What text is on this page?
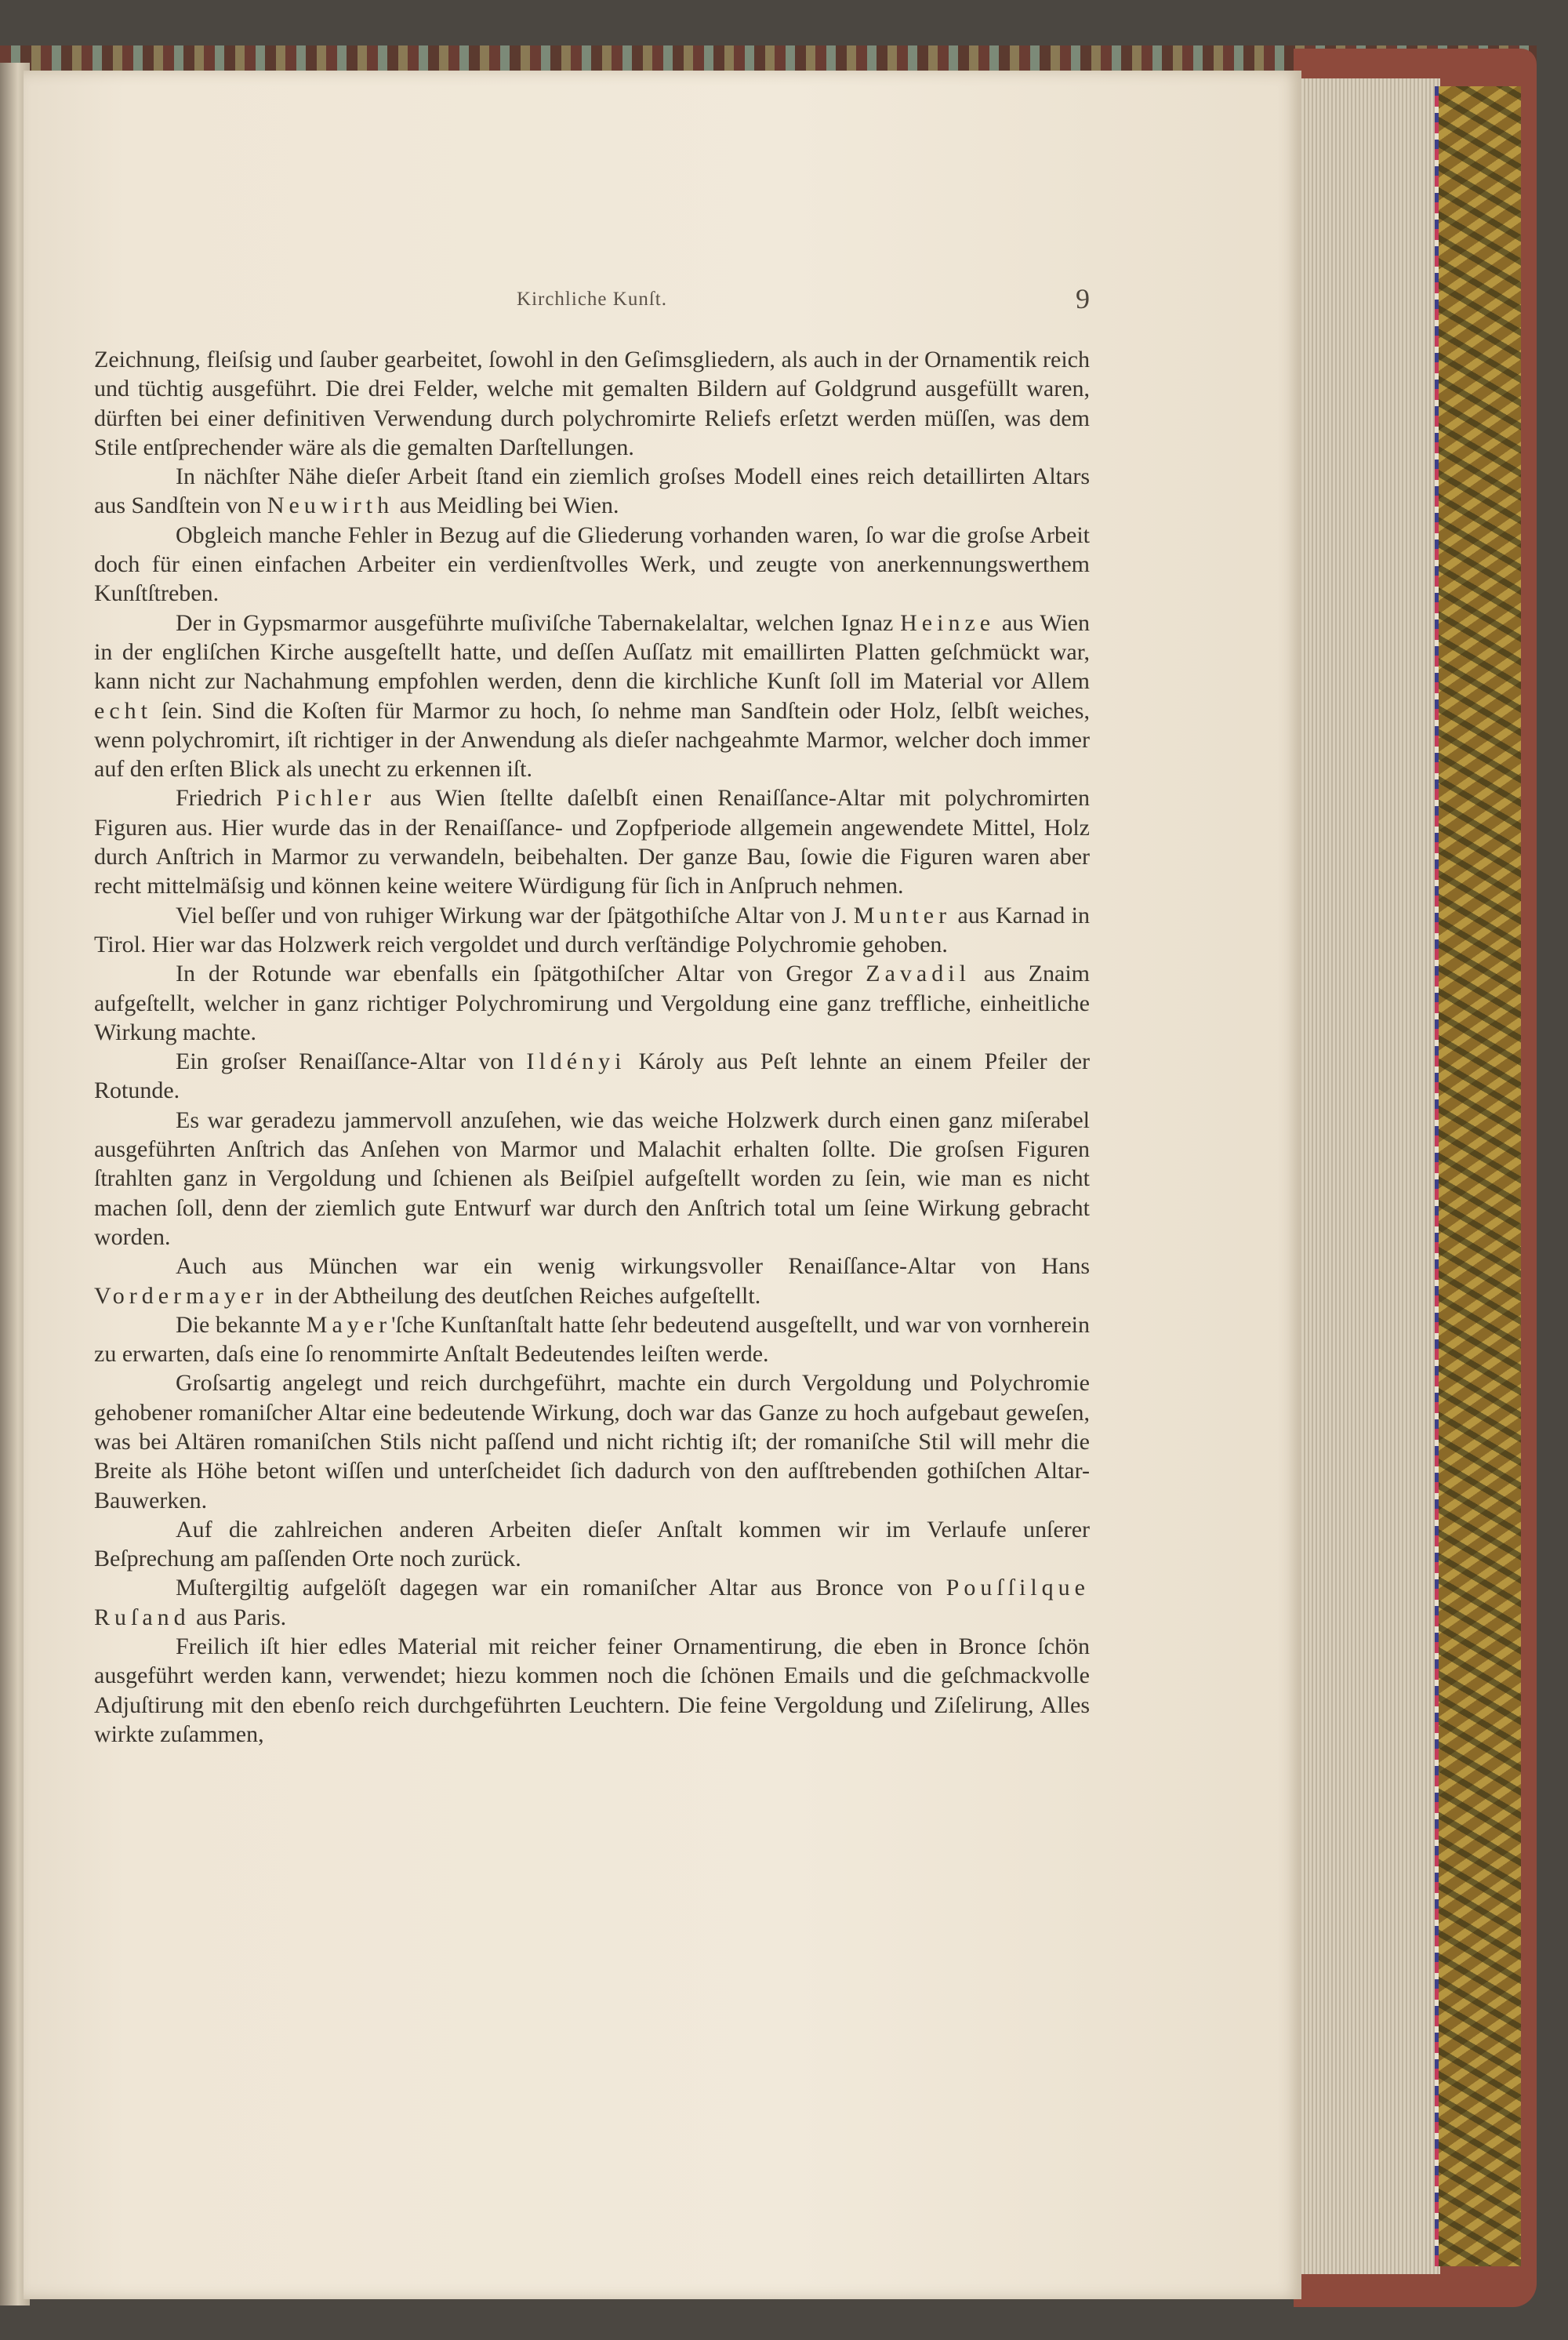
Kirchliche Kunſt.	9

Zeichnung, fleiſsig und ſauber gearbeitet, ſowohl in den Geſimsgliedern, als auch in der Ornamentik reich und tüchtig ausgeführt. Die drei Felder, welche mit gemalten Bildern auf Goldgrund ausgefüllt waren, dürften bei einer definitiven Verwendung durch polychromirte Reliefs erſetzt werden müſſen, was dem Stile entſprechender wäre als die gemalten Darſtellungen.

In nächſter Nähe dieſer Arbeit ſtand ein ziemlich groſses Modell eines reich detaillirten Altars aus Sandſtein von Neuwirth aus Meidling bei Wien.

Obgleich manche Fehler in Bezug auf die Gliederung vorhanden waren, ſo war die groſse Arbeit doch für einen einfachen Arbeiter ein verdienſtvolles Werk, und zeugte von anerkennungswerthem Kunſtſtreben.

Der in Gypsmarmor ausgeführte muſiviſche Tabernakelaltar, welchen Ignaz Heinze aus Wien in der engliſchen Kirche ausgeſtellt hatte, und deſſen Auſſatz mit emaillirten Platten geſchmückt war, kann nicht zur Nachahmung empfohlen werden, denn die kirchliche Kunſt ſoll im Material vor Allem echt ſein. Sind die Koſten für Marmor zu hoch, ſo nehme man Sandſtein oder Holz, ſelbſt weiches, wenn polychromirt, iſt richtiger in der Anwendung als dieſer nachgeahmte Marmor, welcher doch immer auf den erſten Blick als unecht zu erkennen iſt.

Friedrich Pichler aus Wien ſtellte daſelbſt einen Renaiſſance-Altar mit polychromirten Figuren aus. Hier wurde das in der Renaiſſance- und Zopfperiode allgemein angewendete Mittel, Holz durch Anſtrich in Marmor zu verwandeln, beibehalten. Der ganze Bau, ſowie die Figuren waren aber recht mittelmäſsig und können keine weitere Würdigung für ſich in Anſpruch nehmen.

Viel beſſer und von ruhiger Wirkung war der ſpätgothiſche Altar von J. Munter aus Karnad in Tirol. Hier war das Holzwerk reich vergoldet und durch verſtändige Polychromie gehoben.

In der Rotunde war ebenfalls ein ſpätgothiſcher Altar von Gregor Zavadil aus Znaim aufgeſtellt, welcher in ganz richtiger Polychromirung und Vergoldung eine ganz treffliche, einheitliche Wirkung machte.

Ein groſser Renaiſſance-Altar von Ildényi Károly aus Peſt lehnte an einem Pfeiler der Rotunde.

Es war geradezu jammervoll anzuſehen, wie das weiche Holzwerk durch einen ganz miſerabel ausgeführten Anſtrich das Anſehen von Marmor und Malachit erhalten ſollte. Die groſsen Figuren ſtrahlten ganz in Vergoldung und ſchienen als Beiſpiel aufgeſtellt worden zu ſein, wie man es nicht machen ſoll, denn der ziemlich gute Entwurf war durch den Anſtrich total um ſeine Wirkung gebracht worden.

Auch aus München war ein wenig wirkungsvoller Renaiſſance-Altar von Hans Vordermayer in der Abtheilung des deutſchen Reiches aufgeſtellt.

Die bekannte Mayer'ſche Kunſtanſtalt hatte ſehr bedeutend ausgeſtellt, und war von vornherein zu erwarten, daſs eine ſo renommirte Anſtalt Bedeutendes leiſten werde.

Groſsartig angelegt und reich durchgeführt, machte ein durch Vergoldung und Polychromie gehobener romaniſcher Altar eine bedeutende Wirkung, doch war das Ganze zu hoch aufgebaut geweſen, was bei Altären romaniſchen Stils nicht paſſend und nicht richtig iſt; der romaniſche Stil will mehr die Breite als Höhe betont wiſſen und unterſcheidet ſich dadurch von den aufſtrebenden gothiſchen Altar-Bauwerken.

Auf die zahlreichen anderen Arbeiten dieſer Anſtalt kommen wir im Verlaufe unſerer Beſprechung am paſſenden Orte noch zurück.

Muſtergiltig aufgelöſt dagegen war ein romaniſcher Altar aus Bronce von Pouſſilque Ruſand aus Paris.

Freilich iſt hier edles Material mit reicher feiner Ornamentirung, die eben in Bronce ſchön ausgeführt werden kann, verwendet; hiezu kommen noch die ſchönen Emails und die geſchmackvolle Adjuſtirung mit den ebenſo reich durchgeführten Leuchtern. Die feine Vergoldung und Ziſelirung, Alles wirkte zuſammen,
